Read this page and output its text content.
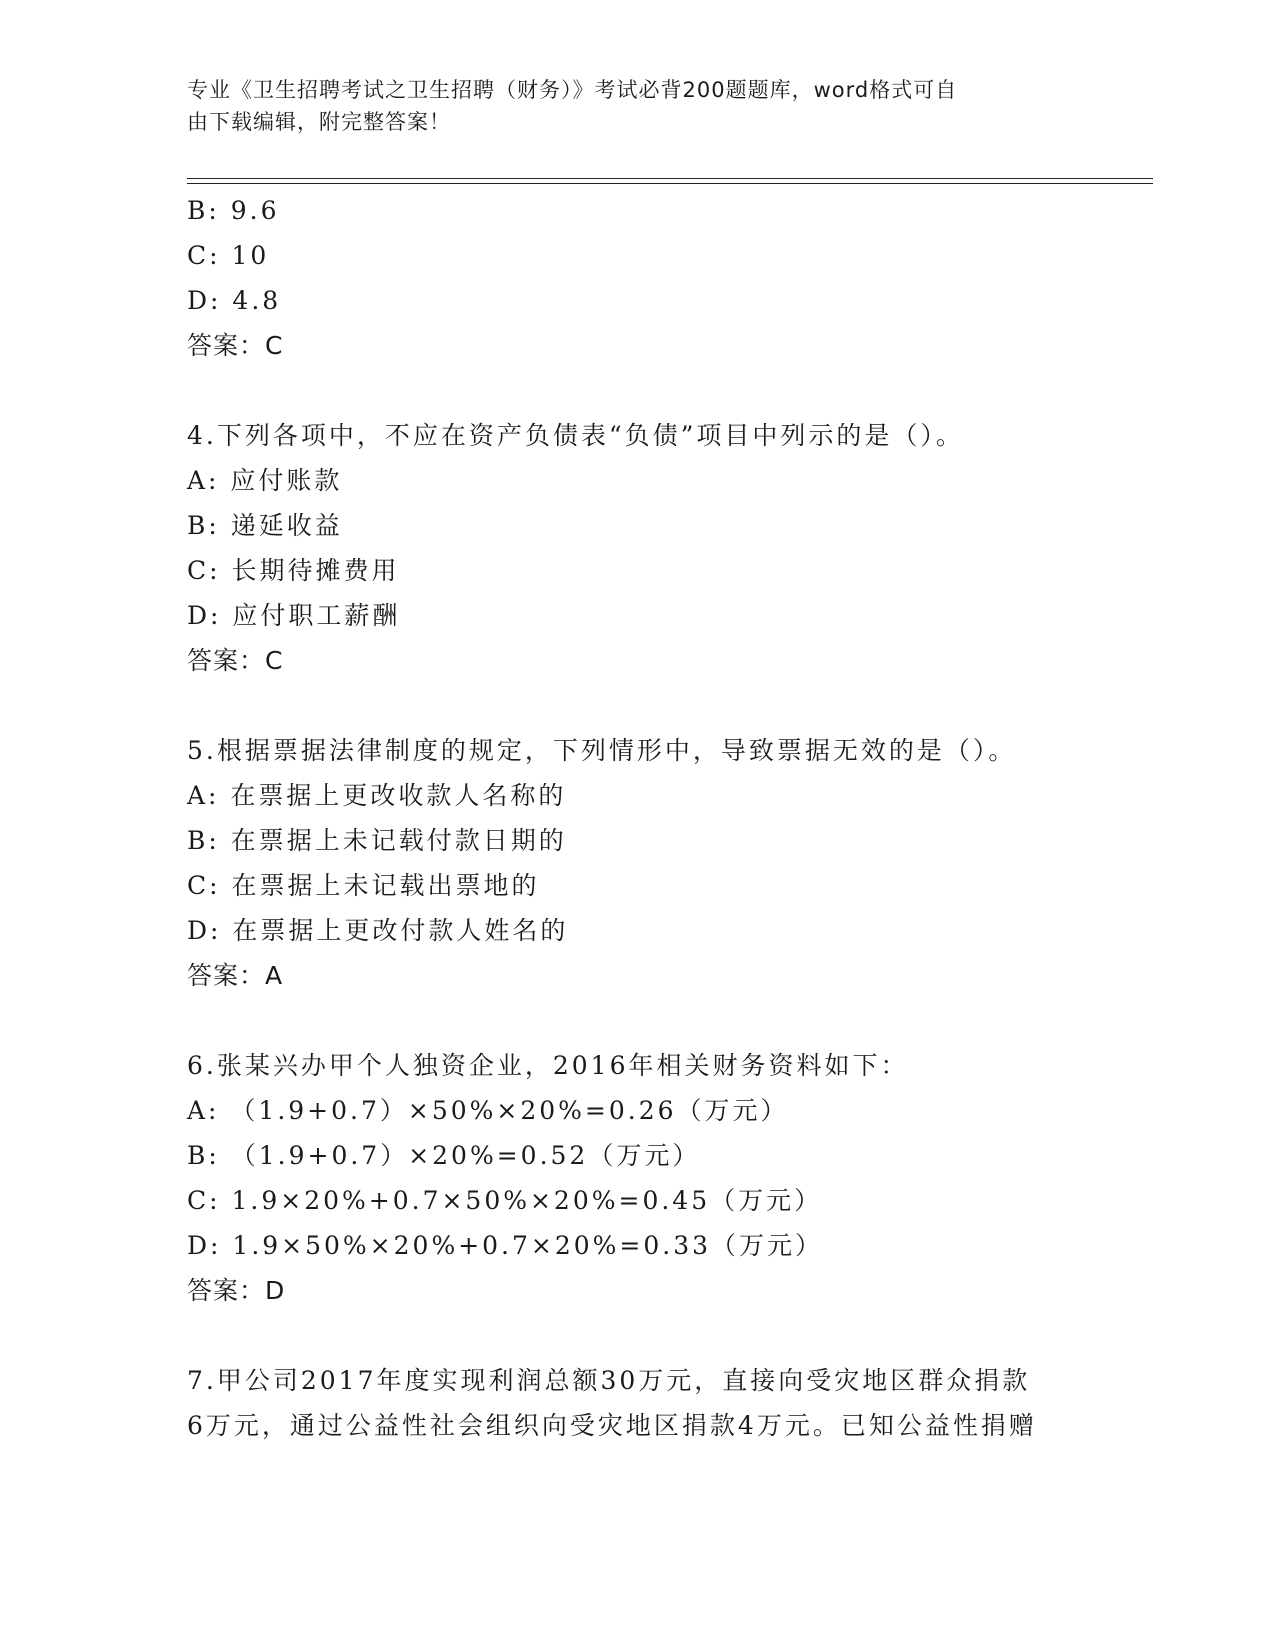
专业《卫生招聘考试之卫生招聘（财务）》考试必背200题题库，word格式可自
由下载编辑，附完整答案！
B: 9.6
C: 10
D: 4.8
答案：C
4.下列各项中，不应在资产负债表“负债”项目中列示的是（）。
A: 应付账款
B: 递延收益
C: 长期待摊费用
D: 应付职工薪酬
答案：C
5.根据票据法律制度的规定，下列情形中，导致票据无效的是（）。
A: 在票据上更改收款人名称的
B: 在票据上未记载付款日期的
C: 在票据上未记载出票地的
D: 在票据上更改付款人姓名的
答案：A
6.张某兴办甲个人独资企业，2016年相关财务资料如下：
A: （1.9+0.7）×50%×20%=0.26（万元）
B: （1.9+0.7）×20%=0.52（万元）
C: 1.9×20%+0.7×50%×20%=0.45（万元）
D: 1.9×50%×20%+0.7×20%=0.33（万元）
答案：D
7.甲公司2017年度实现利润总额30万元，直接向受灾地区群众捐款
6万元，通过公益性社会组织向受灾地区捐款4万元。已知公益性捐赠
